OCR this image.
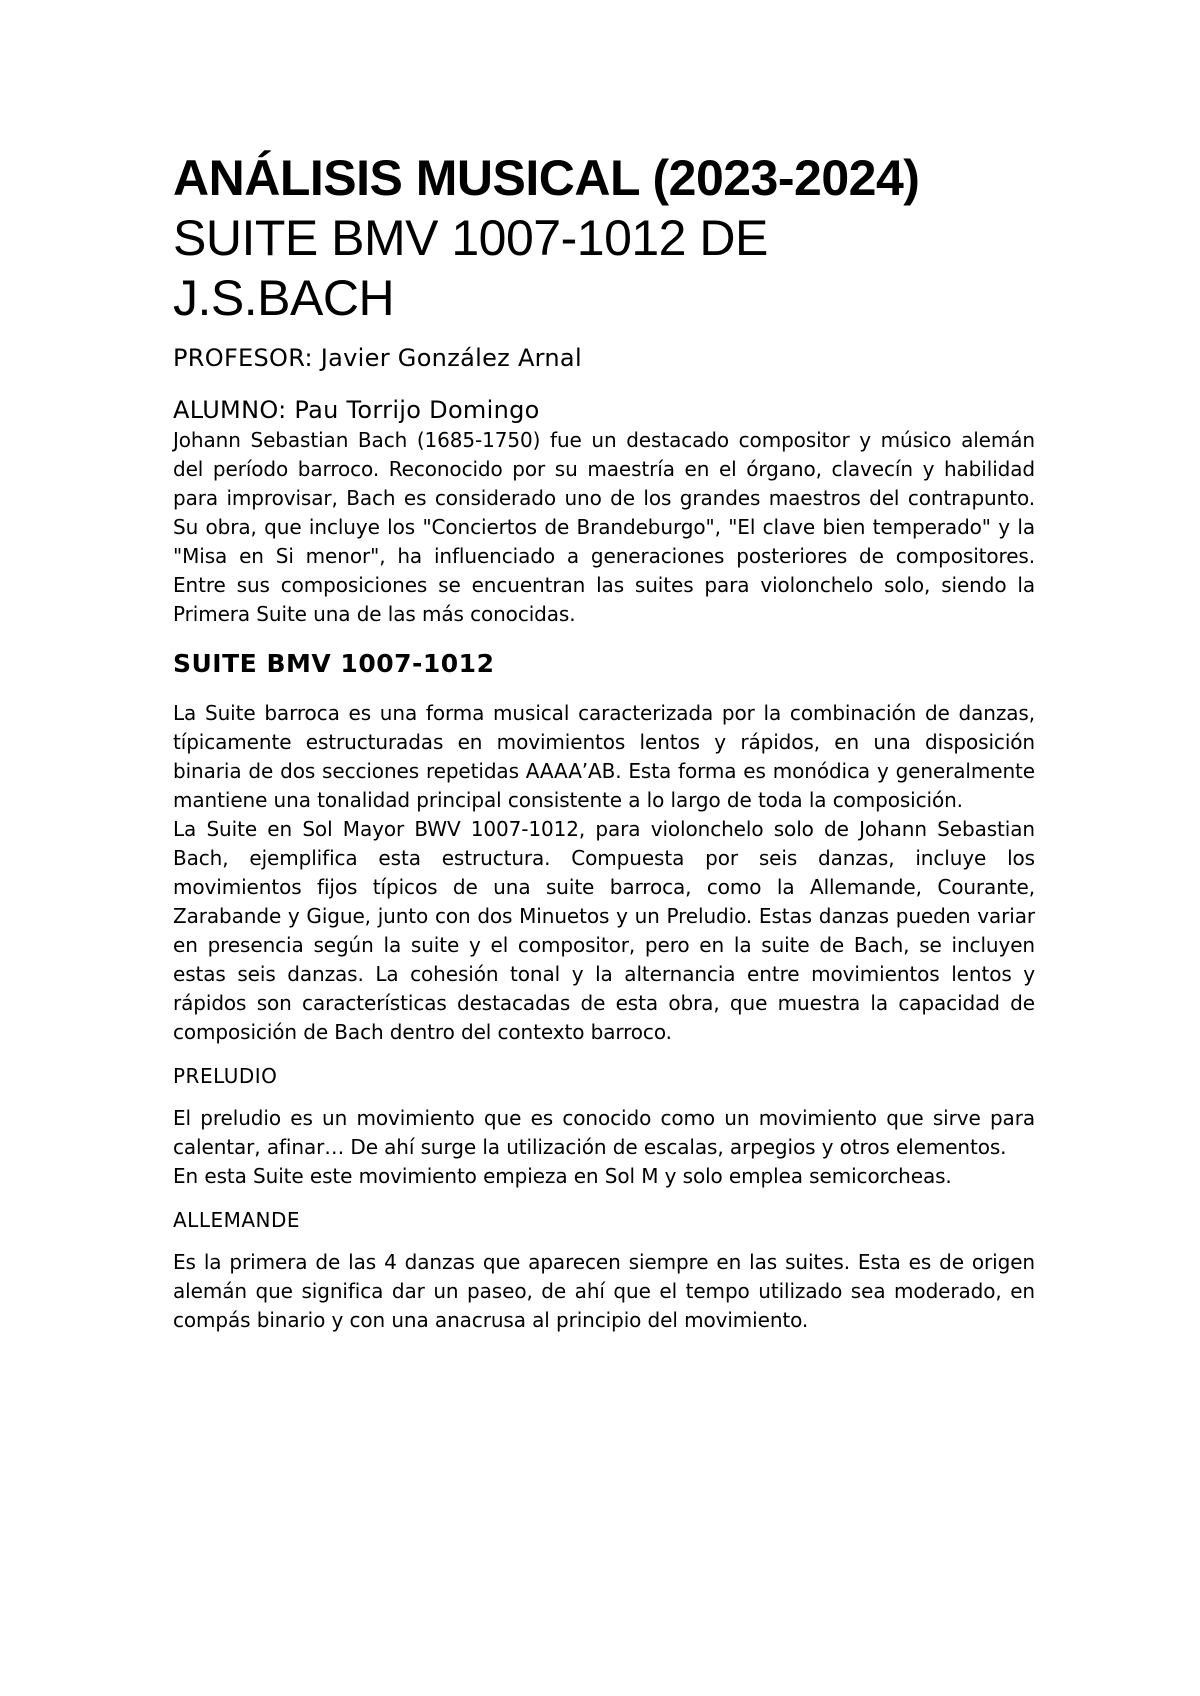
ANÁLISIS MUSICAL (2023-2024)
SUITE BMV 1007-1012 DE
J.S.BACH
PROFESOR: Javier González Arnal
ALUMNO: Pau Torrijo Domingo

Johann Sebastian Bach (1685-1750) fue un destacado compositor y músico alemán del período barroco. Reconocido por su maestría en el órgano, clavecín y habilidad para improvisar, Bach es considerado uno de los grandes maestros del contrapunto. Su obra, que incluye los "Conciertos de Brandeburgo", "El clave bien temperado" y la "Misa en Si menor", ha influenciado a generaciones posteriores de compositores. Entre sus composiciones se encuentran las suites para violonchelo solo, siendo la Primera Suite una de las más conocidas.

SUITE BMV 1007-1012

La Suite barroca es una forma musical caracterizada por la combinación de danzas, típicamente estructuradas en movimientos lentos y rápidos, en una disposición binaria de dos secciones repetidas AAAA’AB. Esta forma es monódica y generalmente mantiene una tonalidad principal consistente a lo largo de toda la composición.

La Suite en Sol Mayor BWV 1007-1012, para violonchelo solo de Johann Sebastian Bach, ejemplifica esta estructura. Compuesta por seis danzas, incluye los movimientos fijos típicos de una suite barroca, como la Allemande, Courante, Zarabande y Gigue, junto con dos Minuetos y un Preludio. Estas danzas pueden variar en presencia según la suite y el compositor, pero en la suite de Bach, se incluyen estas seis danzas. La cohesión tonal y la alternancia entre movimientos lentos y rápidos son características destacadas de esta obra, que muestra la capacidad de composición de Bach dentro del contexto barroco.

PRELUDIO

El preludio es un movimiento que es conocido como un movimiento que sirve para calentar, afinar… De ahí surge la utilización de escalas, arpegios y otros elementos.

En esta Suite este movimiento empieza en Sol M y solo emplea semicorcheas.

ALLEMANDE

Es la primera de las 4 danzas que aparecen siempre en las suites. Esta es de origen alemán que significa dar un paseo, de ahí que el tempo utilizado sea moderado, en compás binario y con una anacrusa al principio del movimiento.
